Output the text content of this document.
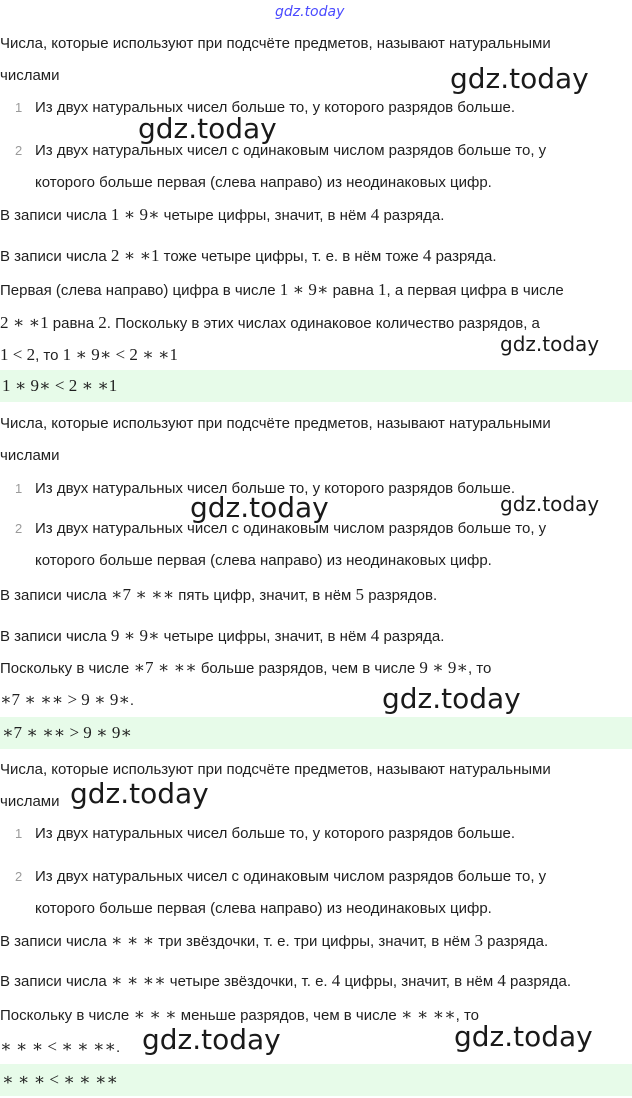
gdz.today
Числа, которые используют при подсчёте предметов, называют натуральными
числами
1 Из двух натуральных чисел больше то, у которого разрядов больше.
2 Из двух натуральных чисел с одинаковым числом разрядов больше то, у
которого больше первая (слева направо) из неодинаковых цифр.
В записи числа 1 ∗ 9∗ четыре цифры, значит, в нём 4 разряда.
В записи числа 2 ∗ ∗1 тоже четыре цифры, т. е. в нём тоже 4 разряда.
Первая (слева направо) цифра в числе 1 ∗ 9∗ равна 1, а первая цифра в числе
2 ∗ ∗1 равна 2. Поскольку в этих числах одинаковое количество разрядов, а
1 < 2, то 1 ∗ 9∗ < 2 ∗ ∗1
1 ∗ 9∗ < 2 ∗ ∗1
Числа, которые используют при подсчёте предметов, называют натуральными
числами
1 Из двух натуральных чисел больше то, у которого разрядов больше.
2 Из двух натуральных чисел с одинаковым числом разрядов больше то, у
которого больше первая (слева направо) из неодинаковых цифр.
В записи числа ∗7 ∗ ∗∗ пять цифр, значит, в нём 5 разрядов.
В записи числа 9 ∗ 9∗ четыре цифры, значит, в нём 4 разряда.
Поскольку в числе ∗7 ∗ ∗∗ больше разрядов, чем в числе 9 ∗ 9∗, то
∗7 ∗ ∗∗ > 9 ∗ 9∗.
∗7 ∗ ∗∗ > 9 ∗ 9∗
Числа, которые используют при подсчёте предметов, называют натуральными
числами
1 Из двух натуральных чисел больше то, у которого разрядов больше.
2 Из двух натуральных чисел с одинаковым числом разрядов больше то, у
которого больше первая (слева направо) из неодинаковых цифр.
В записи числа ∗ ∗ ∗ три звёздочки, т. е. три цифры, значит, в нём 3 разряда.
В записи числа ∗ ∗ ∗∗ четыре звёздочки, т. е. 4 цифры, значит, в нём 4 разряда.
Поскольку в числе ∗ ∗ ∗ меньше разрядов, чем в числе ∗ ∗ ∗∗, то
∗ ∗ ∗ < ∗ ∗ ∗∗.
∗ ∗ ∗ < ∗ ∗ ∗∗
gdz.today
gdz.today
gdz.today
gdz.today	gdz.today
gdz.today
gdz.today
gdz.today	gdz.today
